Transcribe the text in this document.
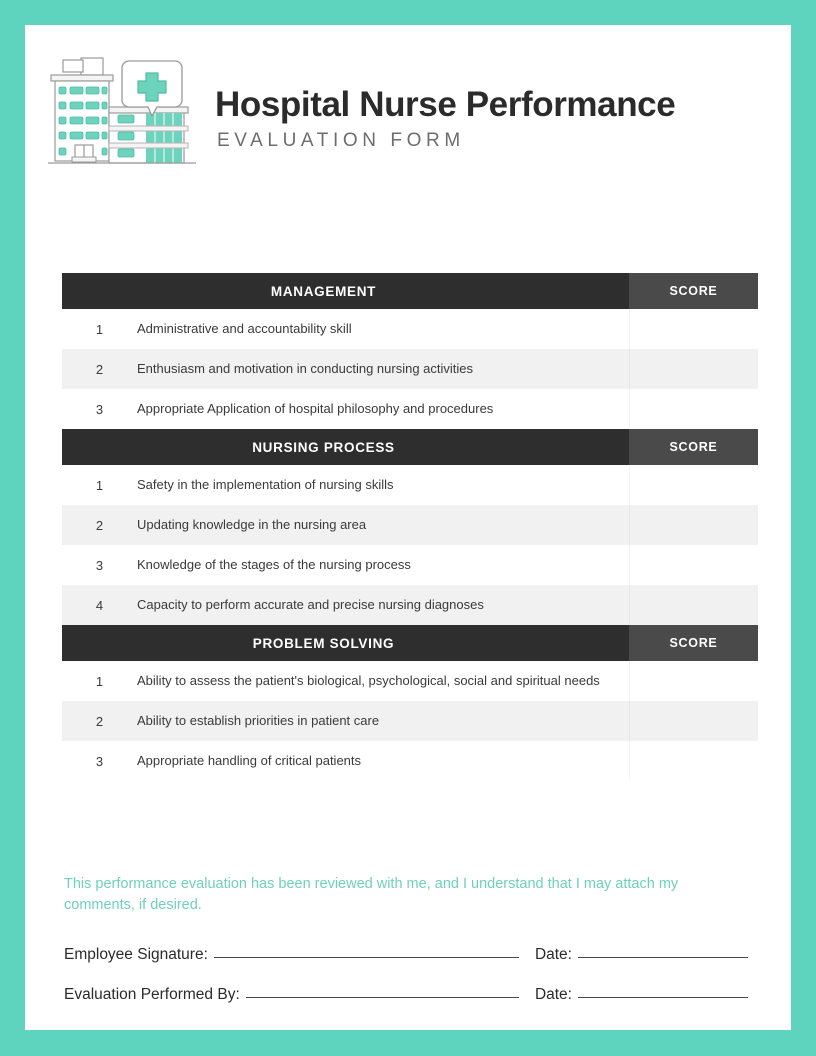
Hospital Nurse Performance
EVALUATION FORM
MANAGEMENT	SCORE
1	Administrative and accountability skill
2	Enthusiasm and motivation in conducting nursing activities
3	Appropriate Application of hospital philosophy and procedures
NURSING PROCESS	SCORE
1	Safety in the implementation of nursing skills
2	Updating knowledge in the nursing area
3	Knowledge of the stages of the nursing process
4	Capacity to perform accurate and precise nursing diagnoses
PROBLEM SOLVING	SCORE
1	Ability to assess the patient's biological, psychological, social and spiritual needs
2	Ability to establish priorities in patient care
3	Appropriate handling of critical patients

This performance evaluation has been reviewed with me, and I understand that I may attach my comments, if desired.

Employee Signature:	Date:
Evaluation Performed By:	Date:
